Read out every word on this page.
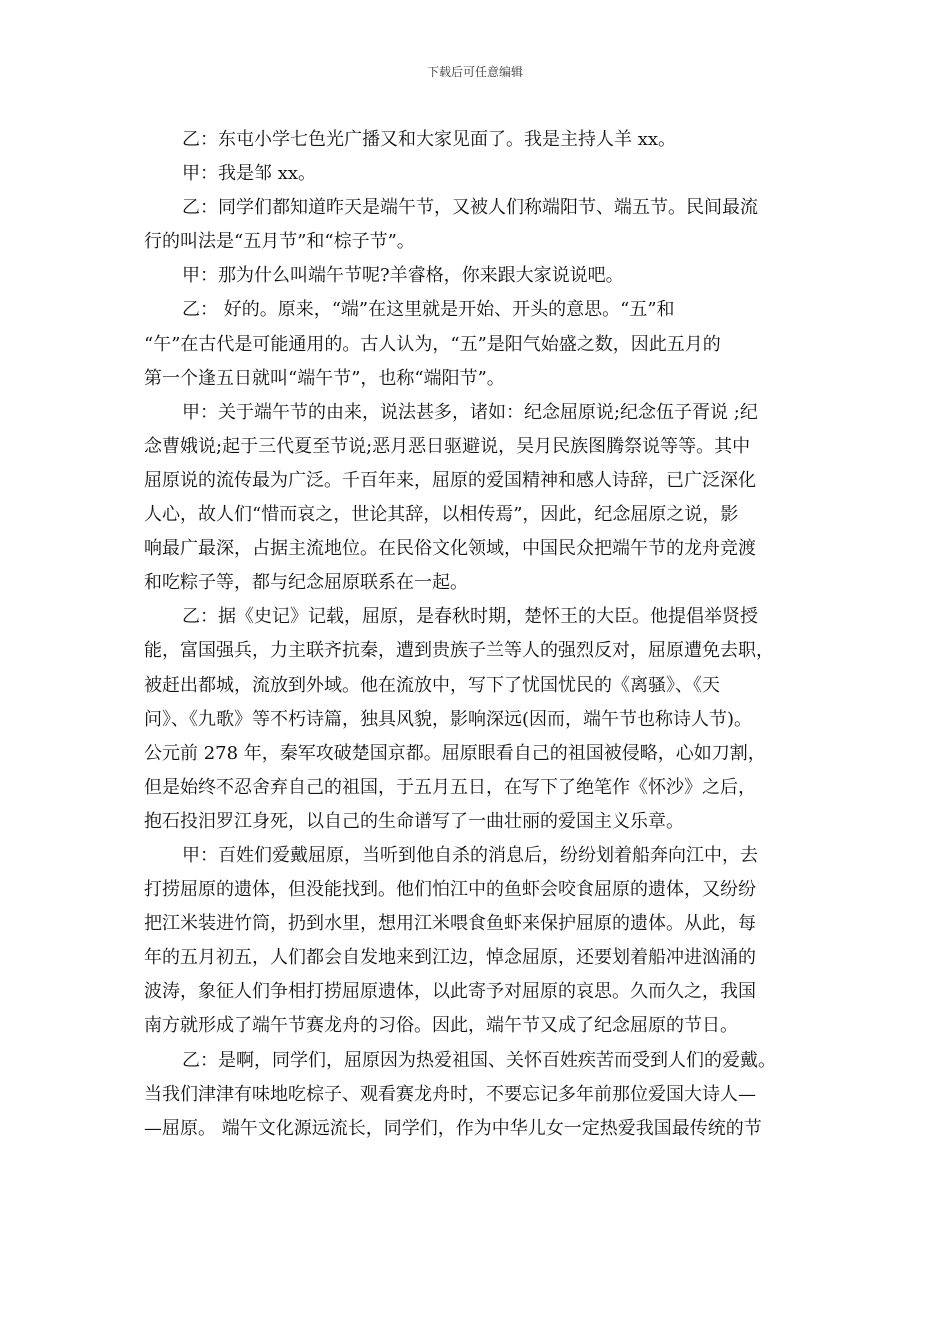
下载后可任意编辑
乙：东屯小学七色光广播又和大家见面了。我是主持人羊 xx。
甲：我是邹 xx。
乙：同学们都知道昨天是端午节，又被人们称端阳节、端五节。民间最流
行的叫法是“五月节”和“棕子节”。
甲：那为什么叫端午节呢?羊睿格，你来跟大家说说吧。
乙： 好的。原来，“端”在这里就是开始、开头的意思。“五”和
“午”在古代是可能通用的。古人认为，“五”是阳气始盛之数，因此五月的
第一个逢五日就叫“端午节”，也称“端阳节”。
甲：关于端午节的由来，说法甚多，诸如：纪念屈原说;纪念伍子胥说 ;纪
念曹娥说;起于三代夏至节说;恶月恶日驱避说，吴月民族图腾祭说等等。其中
屈原说的流传最为广泛。千百年来，屈原的爱国精神和感人诗辞，已广泛深化
人心，故人们“惜而哀之，世论其辞，以相传焉”，因此，纪念屈原之说，影
响最广最深，占据主流地位。在民俗文化领域，中国民众把端午节的龙舟竞渡
和吃粽子等，都与纪念屈原联系在一起。
乙：据《史记》记载，屈原，是春秋时期，楚怀王的大臣。他提倡举贤授
能，富国强兵，力主联齐抗秦，遭到贵族子兰等人的强烈反对，屈原遭免去职，
被赶出都城，流放到外域。他在流放中，写下了忧国忧民的《离骚》、《天
问》、《九歌》等不朽诗篇，独具风貌，影响深远(因而，端午节也称诗人节)。
公元前 278 年，秦军攻破楚国京都。屈原眼看自己的祖国被侵略，心如刀割，
但是始终不忍舍弃自己的祖国，于五月五日，在写下了绝笔作《怀沙》之后，
抱石投汨罗江身死，以自己的生命谱写了一曲壮丽的爱国主义乐章。
甲：百姓们爱戴屈原，当听到他自杀的消息后，纷纷划着船奔向江中，去
打捞屈原的遗体，但没能找到。他们怕江中的鱼虾会咬食屈原的遗体，又纷纷
把江米装进竹筒，扔到水里，想用江米喂食鱼虾来保护屈原的遗体。从此，每
年的五月初五，人们都会自发地来到江边，悼念屈原，还要划着船冲进汹涌的
波涛，象征人们争相打捞屈原遗体，以此寄予对屈原的哀思。久而久之，我国
南方就形成了端午节赛龙舟的习俗。因此，端午节又成了纪念屈原的节日。
乙：是啊，同学们，屈原因为热爱祖国、关怀百姓疾苦而受到人们的爱戴。
当我们津津有味地吃棕子、观看赛龙舟时，不要忘记多年前那位爱国大诗人—
—屈原。 端午文化源远流长，同学们，作为中华儿女一定热爱我国最传统的节
